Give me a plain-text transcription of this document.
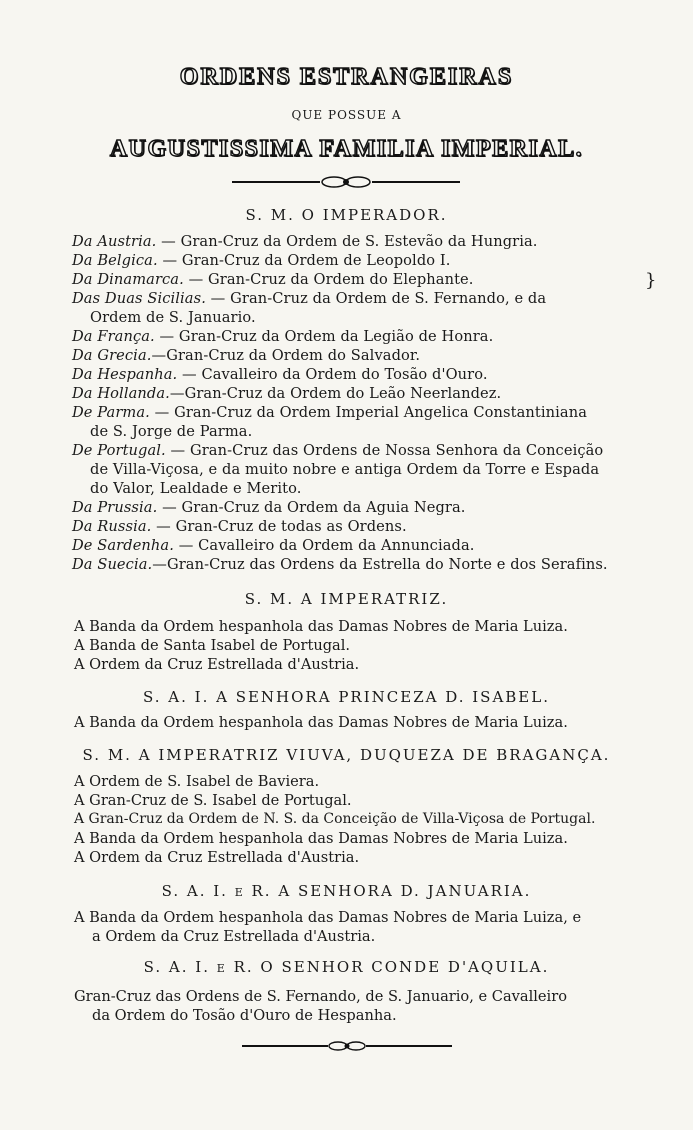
ORDENS ESTRANGEIRAS
QUE POSSUE A
AUGUSTISSIMA FAMILIA IMPERIAL.
S. M. O IMPERADOR.
Da Austria. — Gran-Cruz da Ordem de S. Estevão da Hungria.
Da Belgica. — Gran-Cruz da Ordem de Leopoldo I.
Da Dinamarca. — Gran-Cruz da Ordem do Elephante.
Das Duas Sicilias. — Gran-Cruz da Ordem de S. Fernando, e da
Ordem de S. Januario.
Da França. — Gran-Cruz da Ordem da Legião de Honra.
Da Grecia.—Gran-Cruz da Ordem do Salvador.
Da Hespanha. — Cavalleiro da Ordem do Tosão d'Ouro.
Da Hollanda.—Gran-Cruz da Ordem do Leão Neerlandez.
De Parma. — Gran-Cruz da Ordem Imperial Angelica Constantiniana
de S. Jorge de Parma.
De Portugal. — Gran-Cruz das Ordens de Nossa Senhora da Conceição
de Villa-Viçosa, e da muito nobre e antiga Ordem da Torre e Espada
do Valor, Lealdade e Merito.
Da Prussia. — Gran-Cruz da Ordem da Aguia Negra.
Da Russia. — Gran-Cruz de todas as Ordens.
De Sardenha. — Cavalleiro da Ordem da Annunciada.
Da Suecia.—Gran-Cruz das Ordens da Estrella do Norte e dos Serafins.
}
S. M. A IMPERATRIZ.
A Banda da Ordem hespanhola das Damas Nobres de Maria Luiza.
A Banda de Santa Isabel de Portugal.
A Ordem da Cruz Estrellada d'Austria.
S. A. I. A SENHORA PRINCEZA D. ISABEL.
A Banda da Ordem hespanhola das Damas Nobres de Maria Luiza.
S. M. A IMPERATRIZ VIUVA, DUQUEZA DE BRAGANÇA.
A Ordem de S. Isabel de Baviera.
A Gran-Cruz de S. Isabel de Portugal.
A Gran-Cruz da Ordem de N. S. da Conceição de Villa-Viçosa de Portugal.
A Banda da Ordem hespanhola das Damas Nobres de Maria Luiza.
A Ordem da Cruz Estrellada d'Austria.
S. A. I. E R. A SENHORA D. JANUARIA.
A Banda da Ordem hespanhola das Damas Nobres de Maria Luiza, e
a Ordem da Cruz Estrellada d'Austria.
S. A. I. E R. O SENHOR CONDE D'AQUILA.
Gran-Cruz das Ordens de S. Fernando, de S. Januario, e Cavalleiro
da Ordem do Tosão d'Ouro de Hespanha.
